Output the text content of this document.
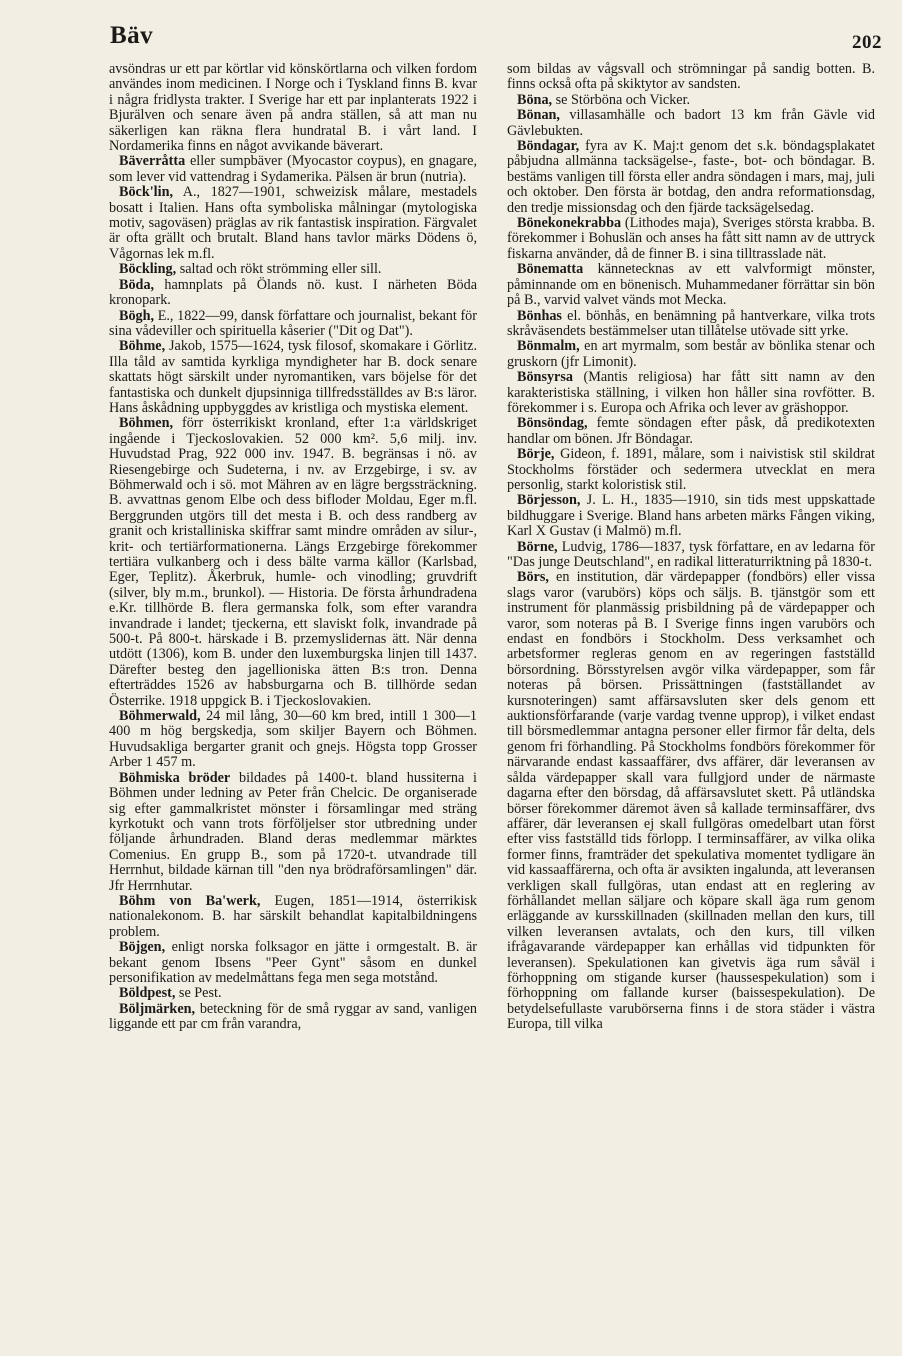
Bäv	202
avsöndras ur ett par körtlar vid könskörtlarna och vilken fordom användes inom medicinen. I Norge och i Tyskland finns B. kvar i några fridlysta trakter. I Sverige har ett par inplanterats 1922 i Bjurälven och senare även på andra ställen, så att man nu säkerligen kan räkna flera hundratal B. i vårt land. I Nordamerika finns en något avvikande bäverart.
Bäverråtta eller sumpbäver (Myocastor coypus), en gnagare, som lever vid vattendrag i Sydamerika. Pälsen är brun (nutria).
Böck'lin, A., 1827—1901, schweizisk målare, mestadels bosatt i Italien. Hans ofta symboliska målningar (mytologiska motiv, sagoväsen) präglas av rik fantastisk inspiration. Färgvalet är ofta grällt och brutalt. Bland hans tavlor märks Dödens ö, Vågornas lek m.fl.
Böckling, saltad och rökt strömming eller sill.
Böda, hamnplats på Ölands nö. kust. I närheten Böda kronopark.
Bögh, E., 1822—99, dansk författare och journalist, bekant för sina vådeviller och spirituella kåserier ("Dit og Dat").
Böhme, Jakob, 1575—1624, tysk filosof, skomakare i Görlitz. Illa tåld av samtida kyrkliga myndigheter har B. dock senare skattats högt särskilt under nyromantiken, vars böjelse för det fantastiska och dunkelt djupsinniga tillfredsställdes av B:s läror. Hans åskådning uppbyggdes av kristliga och mystiska element.
Böhmen, förr österrikiskt kronland, efter 1:a världskriget ingående i Tjeckoslovakien. 52 000 km². 5,6 milj. inv. Huvudstad Prag, 922 000 inv. 1947. B. begränsas i nö. av Riesengebirge och Sudeterna, i nv. av Erzgebirge, i sv. av Böhmerwald och i sö. mot Mähren av en lägre bergssträckning. B. avvattnas genom Elbe och dess bifloder Moldau, Eger m.fl. Berggrunden utgörs till det mesta i B. och dess randberg av granit och kristalliniska skiffrar samt mindre områden av silur-, krit- och tertiärformationerna. Längs Erzgebirge förekommer tertiära vulkanberg och i dess bälte varma källor (Karlsbad, Eger, Teplitz). Åkerbruk, humle- och vinodling; gruvdrift (silver, bly m.m., brunkol). — Historia. De första århundradena e.Kr. tillhörde B. flera germanska folk, som efter varandra invandrade i landet; tjeckerna, ett slaviskt folk, invandrade på 500-t. På 800-t. härskade i B. przemyslidernas ätt. När denna utdött (1306), kom B. under den luxemburgska linjen till 1437. Därefter besteg den jagellioniska ätten B:s tron. Denna efterträddes 1526 av habsburgarna och B. tillhörde sedan Österrike. 1918 uppgick B. i Tjeckoslovakien.
Böhmerwald, 24 mil lång, 30—60 km bred, intill 1 300—1 400 m hög bergskedja, som skiljer Bayern och Böhmen. Huvudsakliga bergarter granit och gnejs. Högsta topp Grosser Arber 1 457 m.
Böhmiska bröder bildades på 1400-t. bland hussiterna i Böhmen under ledning av Peter från Chelcic. De organiserade sig efter gammalkristet mönster i församlingar med sträng kyrkotukt och vann trots förföljelser stor utbredning under följande århundraden. Bland deras medlemmar märktes Comenius. En grupp B., som på 1720-t. utvandrade till Herrnhut, bildade kärnan till "den nya brödraförsamlingen" där. Jfr Herrnhutar.
Böhm von Ba'werk, Eugen, 1851—1914, österrikisk nationalekonom. B. har särskilt behandlat kapitalbildningens problem.
Böjgen, enligt norska folksagor en jätte i ormgestalt. B. är bekant genom Ibsens "Peer Gynt" såsom en dunkel personifikation av medelmåttans fega men sega motstånd.
Böldpest, se Pest.
Böljmärken, beteckning för de små ryggar av sand, vanligen liggande ett par cm från varandra,
som bildas av vågsvall och strömningar på sandig botten. B. finns också ofta på skiktytor av sandsten.
Böna, se Störböna och Vicker.
Bönan, villasamhälle och badort 13 km från Gävle vid Gävlebukten.
Böndagar, fyra av K. Maj:t genom det s.k. böndagsplakatet påbjudna allmänna tacksägelse-, faste-, bot- och böndagar. B. bestäms vanligen till första eller andra söndagen i mars, maj, juli och oktober. Den första är botdag, den andra reformationsdag, den tredje missionsdag och den fjärde tacksägelsedag.
Bönekonekrabba (Lithodes maja), Sveriges största krabba. B. förekommer i Bohuslän och anses ha fått sitt namn av de uttryck fiskarna använder, då de finner B. i sina tilltrasslade nät.
Bönematta kännetecknas av ett valvformigt mönster, påminnande om en bönenisch. Muhammedaner förrättar sin bön på B., varvid valvet vänds mot Mecka.
Bönhas el. bönhås, en benämning på hantverkare, vilka trots skråväsendets bestämmelser utan tillåtelse utövade sitt yrke.
Bönmalm, en art myrmalm, som består av bönlika stenar och gruskorn (jfr Limonit).
Bönsyrsa (Mantis religiosa) har fått sitt namn av den karakteristiska ställning, i vilken hon håller sina rovfötter. B. förekommer i s. Europa och Afrika och lever av gräshoppor.
Bönsöndag, femte söndagen efter påsk, då predikotexten handlar om bönen. Jfr Böndagar.
Börje, Gideon, f. 1891, målare, som i naivistisk stil skildrat Stockholms förstäder och sedermera utvecklat en mera personlig, starkt koloristisk stil.
Börjesson, J. L. H., 1835—1910, sin tids mest uppskattade bildhuggare i Sverige. Bland hans arbeten märks Fången viking, Karl X Gustav (i Malmö) m.fl.
Börne, Ludvig, 1786—1837, tysk författare, en av ledarna för "Das junge Deutschland", en radikal litteraturriktning på 1830-t.
Börs, en institution, där värdepapper (fondbörs) eller vissa slags varor (varubörs) köps och säljs. B. tjänstgör som ett instrument för planmässig prisbildning på de värdepapper och varor, som noteras på B. I Sverige finns ingen varubörs och endast en fondbörs i Stockholm. Dess verksamhet och arbetsformer regleras genom en av regeringen fastställd börsordning. Börsstyrelsen avgör vilka värdepapper, som får noteras på börsen. Prissättningen (fastställandet av kursnoteringen) samt affärsavsluten sker dels genom ett auktionsförfarande (varje vardag tvenne upprop), i vilket endast till börsmedlemmar antagna personer eller firmor får delta, dels genom fri förhandling. På Stockholms fondbörs förekommer för närvarande endast kassaaffärer, dvs affärer, där leveransen av sålda värdepapper skall vara fullgjord under de närmaste dagarna efter den börsdag, då affärsavslutet skett. På utländska börser förekommer däremot även så kallade terminsaffärer, dvs affärer, där leveransen ej skall fullgöras omedelbart utan först efter viss fastställd tids förlopp. I terminsaffärer, av vilka olika former finns, framträder det spekulativa momentet tydligare än vid kassaaffärerna, och ofta är avsikten ingalunda, att leveransen verkligen skall fullgöras, utan endast att en reglering av förhållandet mellan säljare och köpare skall äga rum genom erläggande av kursskillnaden (skillnaden mellan den kurs, till vilken leveransen avtalats, och den kurs, till vilken ifrågavarande värdepapper kan erhållas vid tidpunkten för leveransen). Spekulationen kan givetvis äga rum såväl i förhoppning om stigande kurser (haussespekulation) som i förhoppning om fallande kurser (baissespekulation). De betydelsefullaste varubörserna finns i de stora städer i västra Europa, till vilka
